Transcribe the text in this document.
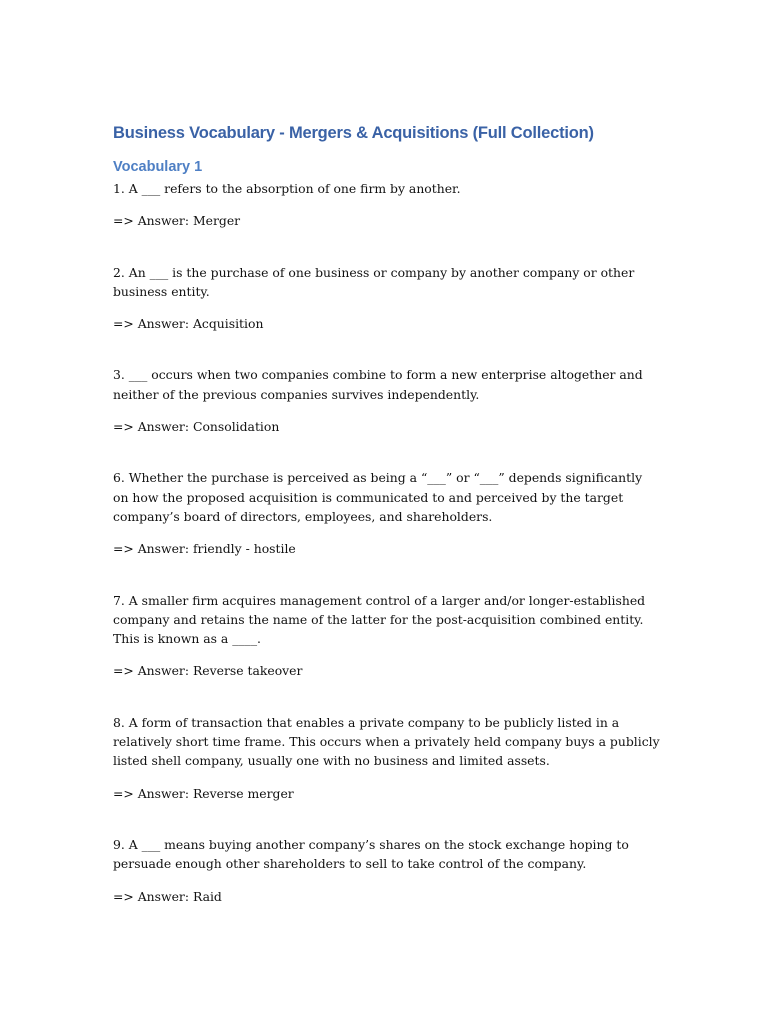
Business Vocabulary - Mergers & Acquisitions (Full Collection)
Vocabulary 1

1. A ___ refers to the absorption of one firm by another.

=> Answer: Merger

2. An ___ is the purchase of one business or company by another company or other business entity.

=> Answer: Acquisition

3. ___ occurs when two companies combine to form a new enterprise altogether and neither of the previous companies survives independently.

=> Answer: Consolidation

6. Whether the purchase is perceived as being a “___” or “___” depends significantly on how the proposed acquisition is communicated to and perceived by the target company’s board of directors, employees, and shareholders.

=> Answer: friendly - hostile

7. A smaller firm acquires management control of a larger and/or longer-established company and retains the name of the latter for the post-acquisition combined entity. This is known as a ____.

=> Answer: Reverse takeover

8. A form of transaction that enables a private company to be publicly listed in a relatively short time frame. This occurs when a privately held company buys a publicly listed shell company, usually one with no business and limited assets.

=> Answer: Reverse merger

9. A ___ means buying another company’s shares on the stock exchange hoping to persuade enough other shareholders to sell to take control of the company.

=> Answer: Raid
